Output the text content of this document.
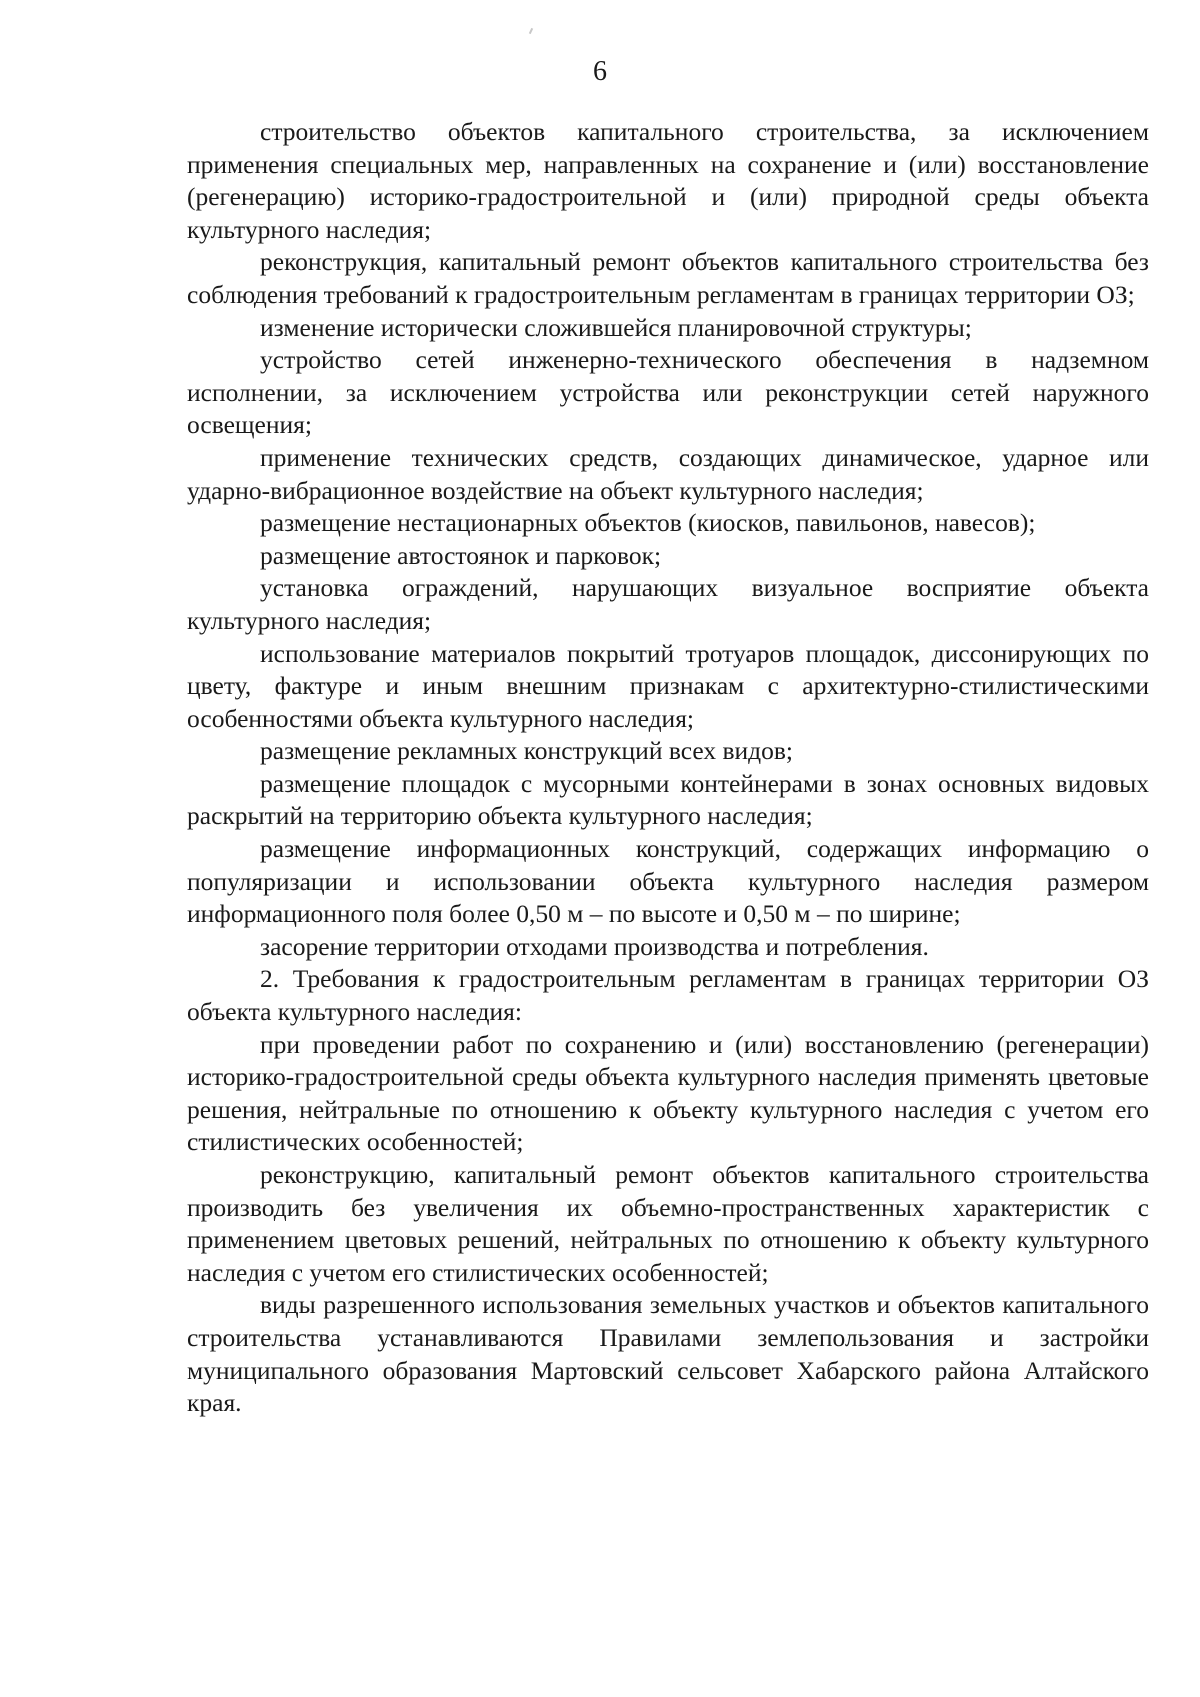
6

строительство объектов капитального строительства, за исключением применения специальных мер, направленных на сохранение и (или) восстановление (регенерацию) историко-градостроительной и (или) природной среды объекта культурного наследия;

реконструкция, капитальный ремонт объектов капитального строительства без соблюдения требований к градостроительным регламентам в границах территории ОЗ;

изменение исторически сложившейся планировочной структуры;

устройство сетей инженерно-технического обеспечения в надземном исполнении, за исключением устройства или реконструкции сетей наружного освещения;

применение технических средств, создающих динамическое, ударное или ударно-вибрационное воздействие на объект культурного наследия;

размещение нестационарных объектов (киосков, павильонов, навесов);

размещение автостоянок и парковок;

установка ограждений, нарушающих визуальное восприятие объекта культурного наследия;

использование материалов покрытий тротуаров площадок, диссонирующих по цвету, фактуре и иным внешним признакам с архитектурно-стилистическими особенностями объекта культурного наследия;

размещение рекламных конструкций всех видов;

размещение площадок с мусорными контейнерами в зонах основных видовых раскрытий на территорию объекта культурного наследия;

размещение информационных конструкций, содержащих информацию о популяризации и использовании объекта культурного наследия размером информационного поля более 0,50 м – по высоте и 0,50 м – по ширине;

засорение территории отходами производства и потребления.

2. Требования к градостроительным регламентам в границах территории ОЗ объекта культурного наследия:

при проведении работ по сохранению и (или) восстановлению (регенерации) историко-градостроительной среды объекта культурного наследия применять цветовые решения, нейтральные по отношению к объекту культурного наследия с учетом его стилистических особенностей;

реконструкцию, капитальный ремонт объектов капитального строительства производить без увеличения их объемно-пространственных характеристик с применением цветовых решений, нейтральных по отношению к объекту культурного наследия с учетом его стилистических особенностей;

виды разрешенного использования земельных участков и объектов капитального строительства устанавливаются Правилами землепользования и застройки муниципального образования Мартовский сельсовет Хабарского района Алтайского края.
